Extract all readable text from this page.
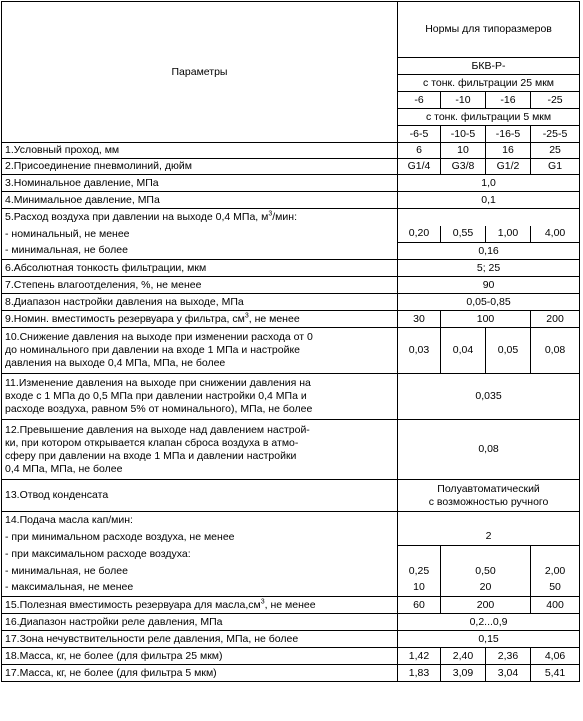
Параметры	Нормы для типоразмеров			
	БКВ-Р-			
	с тонк. фильтрации 25 мкм			
	-6	-10	-16	-25
	с тонк. фильтрации 5 мкм			
	-6-5	-10-5	-16-5	-25-5
1.Условный проход, мм	6	10	16	25
2.Присоединение пневмолиний, дюйм	G1/4	G3/8	G1/2	G1
3.Номинальное давление, МПа	1,0			
4.Минимальное давление, МПа	0,1			
5.Расход воздуха при давлении на выходе 0,4 МПа, $м^3$/мин:				
- номинальный, не менее	0,20	0,55	1,00	4,00
- минимальная, не более	0,16			
6.Абсолютная тонкость фильтрации, мкм	5; 25			
7.Степень влагоотделения, %, не менее	90			
8.Диапазон настройки давления на выходе, МПа	0,05-0,85			
9.Номин. вместимость резервуара у фильтра, $см^3$, не менее	30	100		200

10.Снижение давления на выходе при изменении расхода от 0
до номинального при давлении на входе 1 МПа и настройке
давления на выходе 0,4 МПа, МПа, не более	0,03	0,04	0,05	0,08

11.Изменение давления на выходе при снижении давления на
входе с 1 МПа до 0,5 МПа при давлении настройки 0,4 МПа и
расходе воздуха, равном 5% от номинального), МПа, не более	0,035			

12.Превышение давления на выходе над давлением настрой-
ки, при котором открывается клапан сброса воздуха в атмо-
сферу при давлении на входе 1 МПа и давлении настройки
0,4 МПа, МПа, не более	0,08			
13.Отвод конденсата	Полуавтоматический
с возможностью ручного			

14.Подача масла кап/мин:				
- при минимальном расходе воздуха, не менее	2			
- при максимальном расходе воздуха:				
- минимальная, не более	0,25	0,50		2,00
- максимальная, не менее	10	20		50
15.Полезная вместимость резервуара для $масла,см^3$, не менее	60	200		400
16.Диапазон настройки реле давления, МПа	0,2...0,9			
17.Зона нечувствительности реле давления, МПа, не более	0,15			
18.Масса, кг, не более (для фильтра 25 мкм)	1,42	2,40	2,36	4,06
17.Масса, кг, не более (для фильтра 5 мкм)	1,83	3,09	3,04	5,41
